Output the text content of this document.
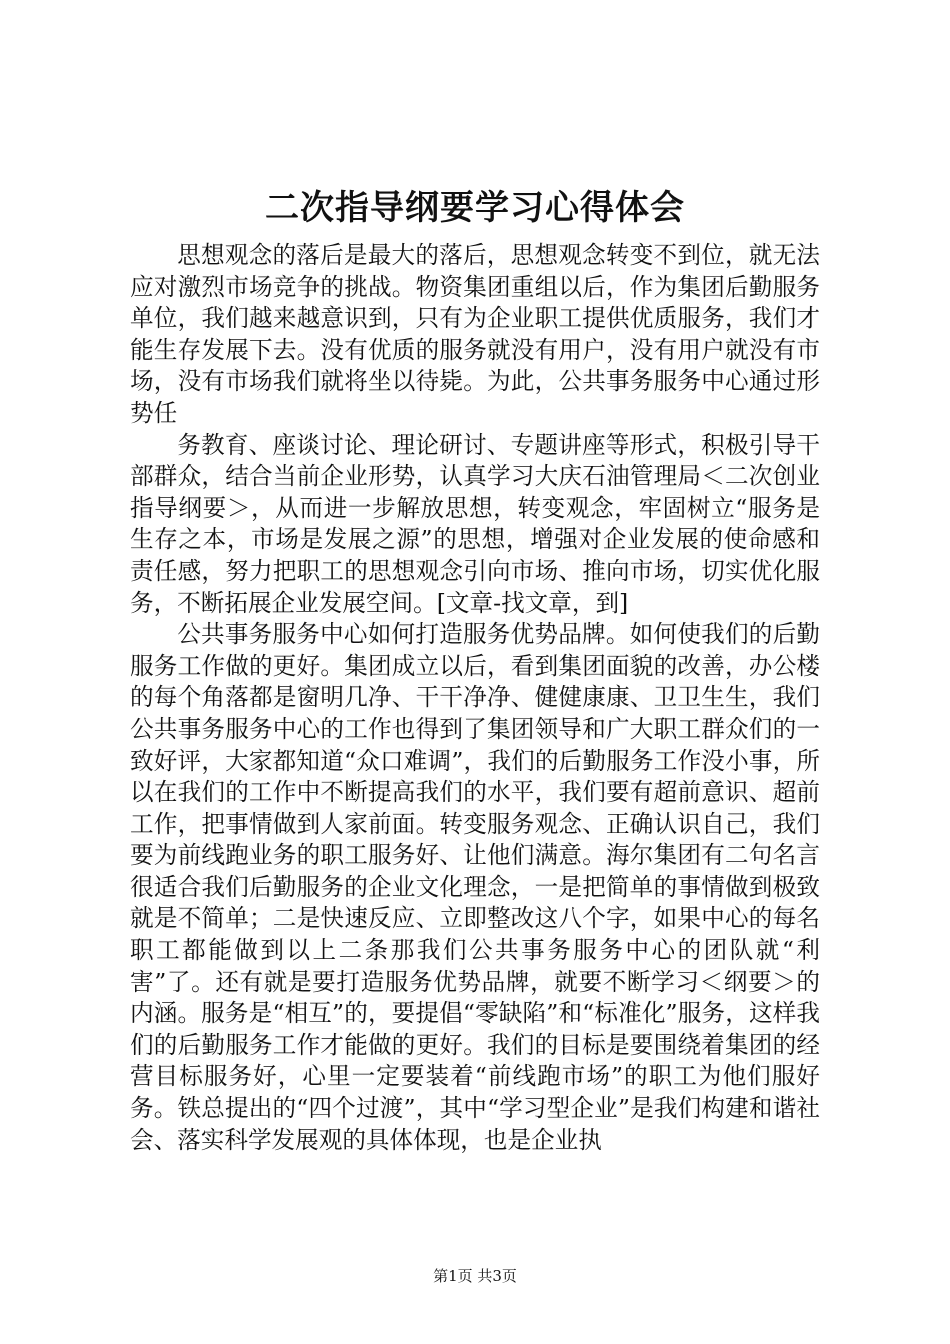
二次指导纲要学习心得体会

思想观念的落后是最大的落后，思想观念转变不到位，就无法应对激烈市场竞争的挑战。物资集团重组以后，作为集团后勤服务单位，我们越来越意识到，只有为企业职工提供优质服务，我们才能生存发展下去。没有优质的服务就没有用户，没有用户就没有市场，没有市场我们就将坐以待毙。为此，公共事务服务中心通过形势任

务教育、座谈讨论、理论研讨、专题讲座等形式，积极引导干部群众，结合当前企业形势，认真学习大庆石油管理局＜二次创业指导纲要＞，从而进一步解放思想，转变观念，牢固树立“服务是生存之本，市场是发展之源”的思想，增强对企业发展的使命感和责任感，努力把职工的思想观念引向市场、推向市场，切实优化服务，不断拓展企业发展空间。[文章-找文章，到]

公共事务服务中心如何打造服务优势品牌。如何使我们的后勤服务工作做的更好。集团成立以后，看到集团面貌的改善，办公楼的每个角落都是窗明几净、干干净净、健健康康、卫卫生生，我们公共事务服务中心的工作也得到了集团领导和广大职工群众们的一致好评，大家都知道“众口难调”，我们的后勤服务工作没小事，所以在我们的工作中不断提高我们的水平，我们要有超前意识、超前工作，把事情做到人家前面。转变服务观念、正确认识自己，我们要为前线跑业务的职工服务好、让他们满意。海尔集团有二句名言很适合我们后勤服务的企业文化理念，一是把简单的事情做到极致就是不简单；二是快速反应、立即整改这八个字，如果中心的每名职工都能做到以上二条那我们公共事务服务中心的团队就“利害”了。还有就是要打造服务优势品牌，就要不断学习＜纲要＞的内涵。服务是“相互”的，要提倡“零缺陷”和“标准化”服务，这样我们的后勤服务工作才能做的更好。我们的目标是要围绕着集团的经营目标服务好，心里一定要装着“前线跑市场”的职工为他们服好务。铁总提出的“四个过渡”，其中“学习型企业”是我们构建和谐社会、落实科学发展观的具体体现，也是企业执

第1页 共3页
